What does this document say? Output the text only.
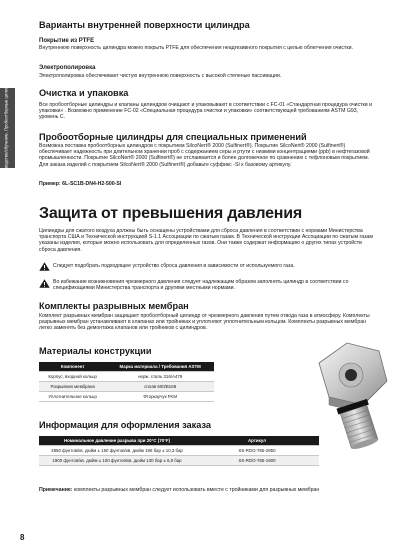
Руководство/обучение. Пробоотборные цилиндры
Варианты внутренней поверхности цилиндра
Покрытие из PTFE
Внутреннюю поверхность цилиндра можно покрыть PTFE для обеспечения неадгезивного покрытия с целью облегчения очистки.
Электрополировка
Электрополировка обеспечивает чистую внутреннюю поверхность с высокой степенью пассивации.
Очистка и упаковка
Все пробоотборные цилиндры и клапаны цилиндров очищают и упаковывают в соответствии с FC-01 «Стандартная процедура очистки и упаковки» . Возможно применение FC-02 «Специальная процедура очистки и упаковки» соответствующей требованиям ASTM G93, уровень C.
Пробоотборные цилиндры для специальных применений
Возможна поставка пробоотборных цилиндров с покрытием SilcoNert® 2000 (Sulfinert®). Покрытие SilcoNert® 2000 (Sulfinert®) обеспечивает надежность при длительном хранении проб с содержанием серы и ртути с низкими концентрациями (ppb) в нефтегазовой промышленности. Покрытие SilcoNert® 2000 (Sulfinert®) не отслаивается и более долговечное по сравнению с тефлоновым покрытием. Для заказа изделий с покрытием SilcoNert® 2000 (Sulfinert®) добавьте суффикс -SI к базовому артикулу.
Пример: 6L-SC1B-DN4-H2-500-SI
Защита от превышения давления
Цилиндры для сжатого воздуха должны быть оснащены устройствами для сброса давления в соответствии с нормами Министерства транспорта США и Технической инструкцией S-1.1 Ассоциации по сжатым газам. В Технической инструкции Ассоциации по сжатым газам указаны изделия, которые можно использовать для определенных газов. Они также содержат информацию о других типах устройств сброса давления.
Следует подобрать подходящее устройство сброса давления в зависимости от используемого газа.
Во избежание возникновения чрезмерного давления следует надлежащим образом заполнять цилиндр в соответствии со спецификациями Министерства транспорта и другими местными нормами.
Комплекты разрывных мембран
Комплект разрывных мембран защищает пробоотборный цилиндр от чрезмерного давления путем отвода газа в атмосферу. Комплекты разрывных мембран устанавливают в клапанах или тройниках и уплотняют уплотнительным кольцом. Комплекты разрывных мембран легко заменять без демонтажа клапанов или тройников с цилиндров.
Материалы конструкции
Компонент	Марка материала / Требования ASTM
Корпус, входной кольцо	нерж. сталь 316/A479
Разрывная мембрана	сплав 600/B168
Уплотнительное кольцо	Фторкаучук FKM
Информация для оформления заказа
Номинальное давление разрыва при 20°C (70°F)	Артикул
2850 фунтов/кв. дюйм ± 150 фунтов/кв. дюйм 196 бар ± 10,3 бар	SS-RDO-785-2850
1900 фунтов/кв. дюйм ± 100 фунтов/кв. дюйм 130 бар ± 6,8 бар	SS-RDO-785-1900
Примечание: комплекты разрывных мембран следует использовать вместе с тройниками для разрывных мембран
8
